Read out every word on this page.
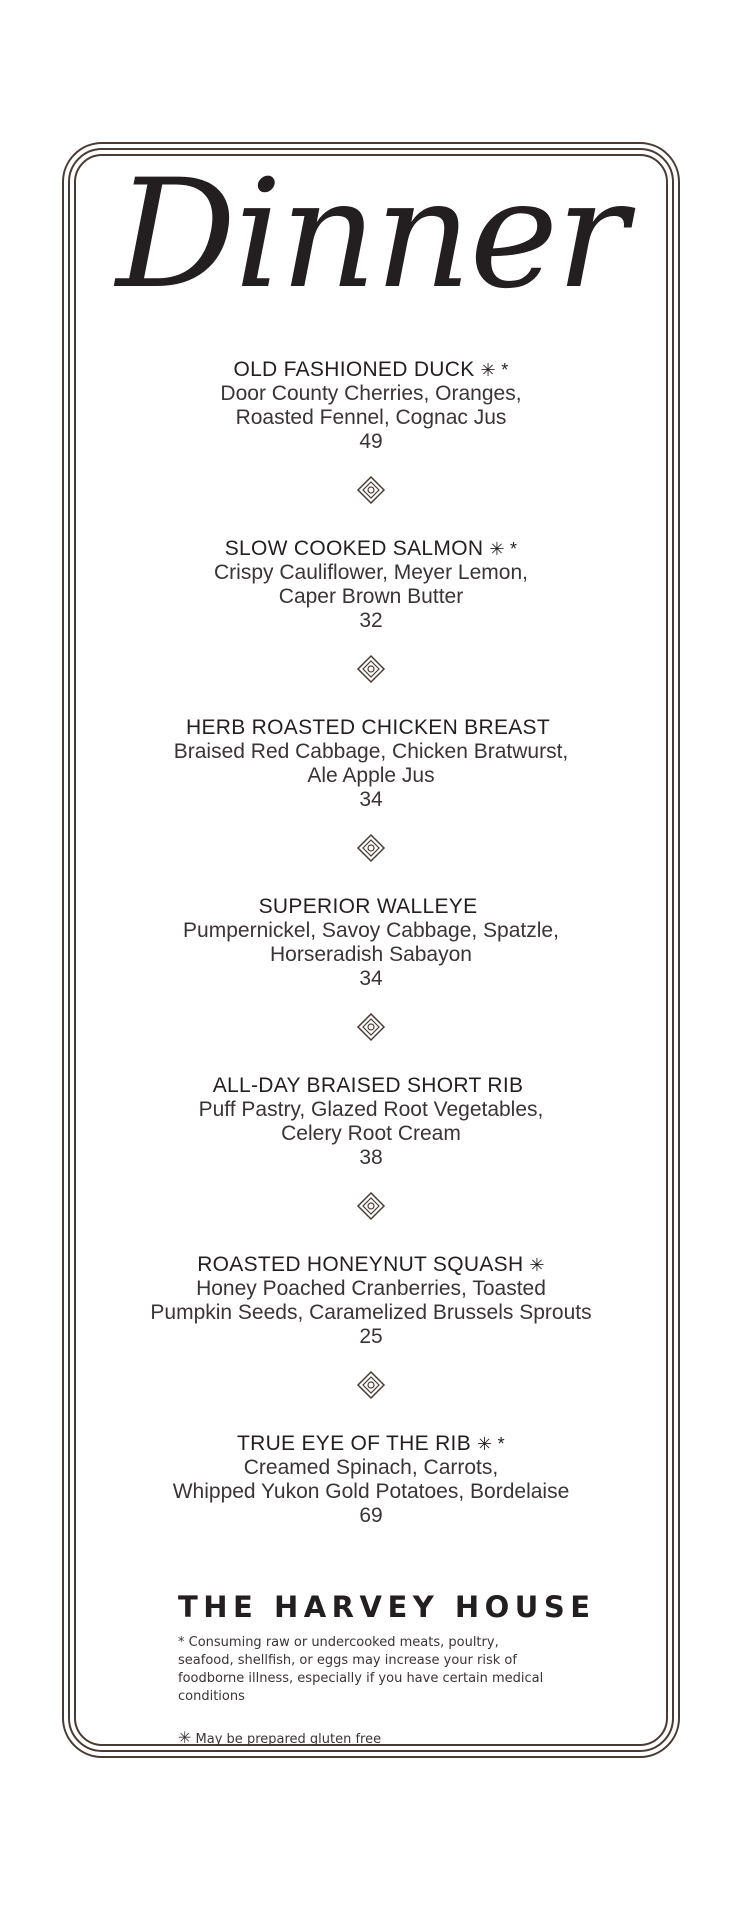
Dinner
OLD FASHIONED DUCK ✳ *
Door County Cherries, Oranges,
Roasted Fennel, Cognac Jus
49
SLOW COOKED SALMON ✳ *
Crispy Cauliflower, Meyer Lemon,
Caper Brown Butter
32
HERB ROASTED CHICKEN BREAST
Braised Red Cabbage, Chicken Bratwurst,
Ale Apple Jus
34
SUPERIOR WALLEYE
Pumpernickel, Savoy Cabbage, Spatzle,
Horseradish Sabayon
34
ALL-DAY BRAISED SHORT RIB
Puff Pastry, Glazed Root Vegetables,
Celery Root Cream
38
ROASTED HONEYNUT SQUASH ✳
Honey Poached Cranberries, Toasted
Pumpkin Seeds, Caramelized Brussels Sprouts
25
TRUE EYE OF THE RIB ✳ *
Creamed Spinach, Carrots,
Whipped Yukon Gold Potatoes, Bordelaise
69
THE HARVEY HOUSE
* Consuming raw or undercooked meats, poultry, seafood, shellfish, or eggs may increase your risk of foodborne illness, especially if you have certain medical conditions
✳ May be prepared gluten free
